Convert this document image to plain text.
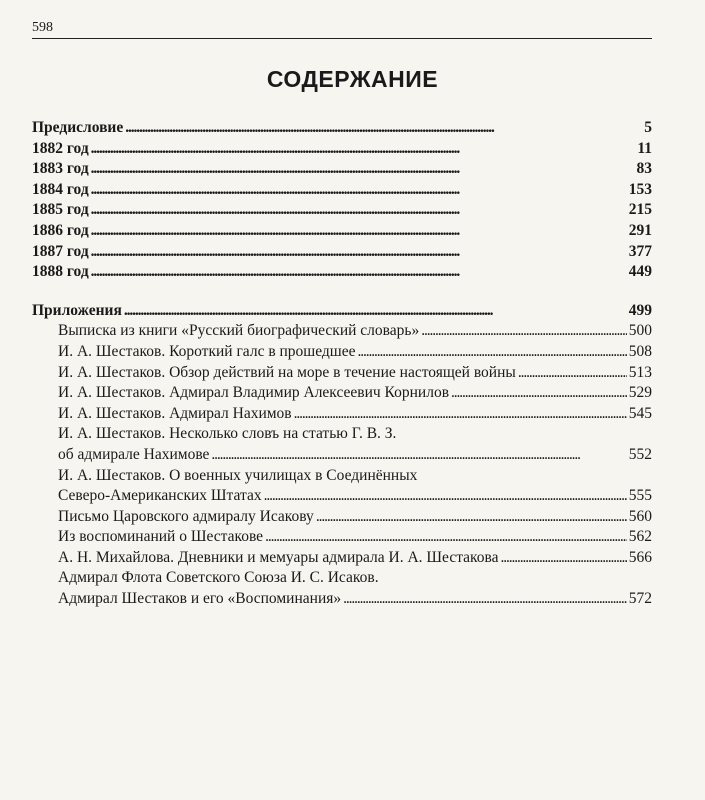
598
СОДЕРЖАНИЕ
Предисловие . . .	5
1882 год . . .	11
1883 год . . .	83
1884 год . . .	153
1885 год . . .	215
1886 год . . .	291
1887 год . . .	377
1888 год . . .	449
Приложения . . .	499
Выписка из книги «Русский биографический словарь» . . .	500
И. А. Шестаков. Короткий галс в прошедшее . . .	508
И. А. Шестаков. Обзор действий на море в течение настоящей войны . . .	513
И. А. Шестаков. Адмирал Владимир Алексеевич Корнилов . . .	529
И. А. Шестаков. Адмирал Нахимов . . .	545
И. А. Шестаков. Несколько словъ на статью Г. В. З.
об адмирале Нахимове . . .	552
И. А. Шестаков. О военных училищах в Соединённых
Северо-Американских Штатах . . .	555
Письмо Царовского адмиралу Исакову . . .	560
Из воспоминаний о Шестакове . . .	562
А. Н. Михайлова. Дневники и мемуары адмирала И. А. Шестакова . . .	566
Адмирал Флота Советского Союза И. С. Исаков.
Адмирал Шестаков и его «Воспоминания» . . .	572
